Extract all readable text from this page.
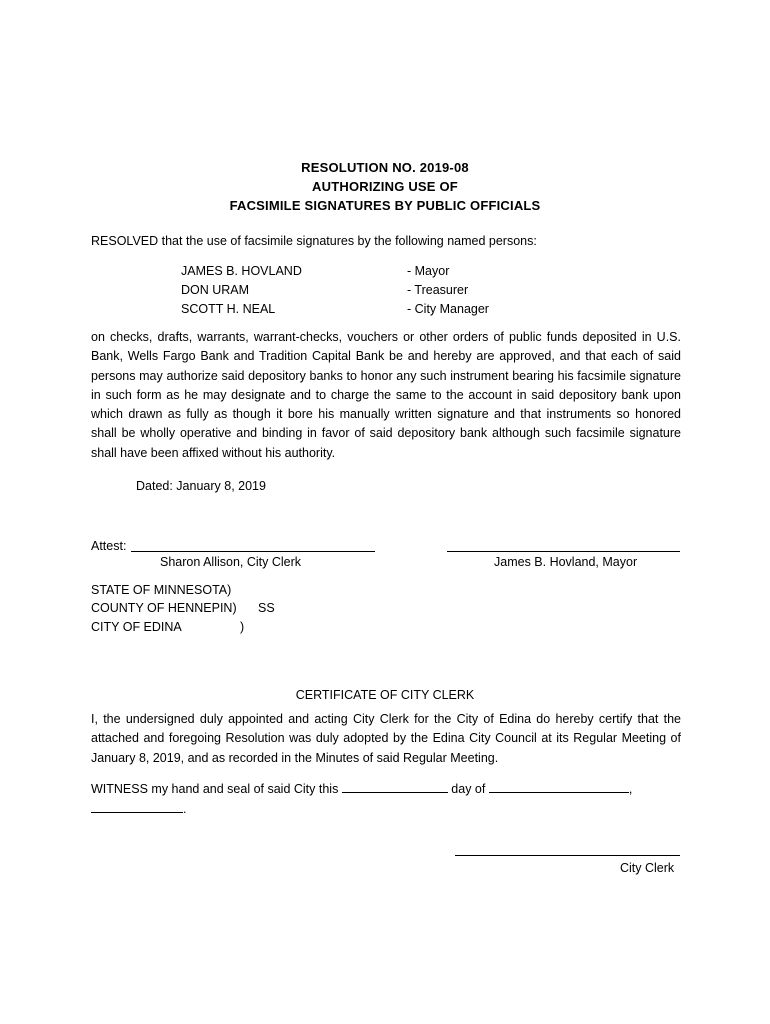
RESOLUTION NO. 2019-08
AUTHORIZING USE OF
FACSIMILE SIGNATURES BY PUBLIC OFFICIALS
RESOLVED that the use of facsimile signatures by the following named persons:
JAMES B. HOVLAND	- Mayor
DON URAM	- Treasurer
SCOTT H. NEAL	- City Manager
on checks, drafts, warrants, warrant-checks, vouchers or other orders of public funds deposited in U.S.
Bank, Wells Fargo Bank and Tradition Capital Bank be and hereby are approved, and that each of said
persons may authorize said depository banks to honor any such instrument bearing his facsimile signature
in such form as he may designate and to charge the same to the account in said depository bank upon
which drawn as fully as though it bore his manually written signature and that instruments so honored
shall be wholly operative and binding in favor of said depository bank although such facsimile signature
shall have been affixed without his authority.
Dated: January 8, 2019
Attest:
Sharon Allison, City Clerk	James B. Hovland, Mayor
STATE OF MINNESOTA)
COUNTY OF HENNEPIN) SS
CITY OF EDINA	)
CERTIFICATE OF CITY CLERK
I, the undersigned duly appointed and acting City Clerk for the City of Edina do hereby certify that the
attached and foregoing Resolution was duly adopted by the Edina City Council at its Regular Meeting of
January 8, 2019, and as recorded in the Minutes of said Regular Meeting.
WITNESS my hand and seal of said City this	day of	,
.
City Clerk
